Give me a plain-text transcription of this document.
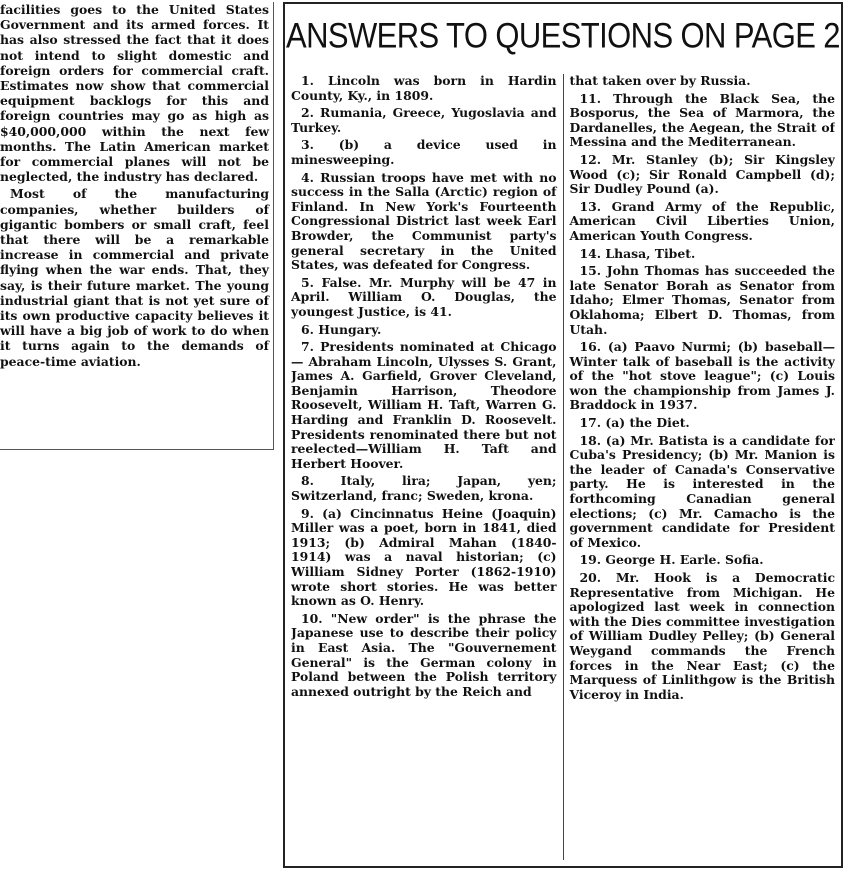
facilities goes to the United States Government and its armed forces. It has also stressed the fact that it does not intend to slight domestic and foreign orders for commercial craft. Estimates now show that commercial equipment backlogs for this and foreign countries may go as high as $40,000,000 within the next few months. The Latin American market for commercial planes will not be neglected, the industry has declared.

Most of the manufacturing companies, whether builders of gigantic bombers or small craft, feel that there will be a remarkable increase in commercial and private flying when the war ends. That, they say, is their future market. The young industrial giant that is not yet sure of its own productive capacity believes it will have a big job of work to do when it turns again to the demands of peace-time aviation.

ANSWERS TO QUESTIONS ON PAGE 2

1. Lincoln was born in Hardin County, Ky., in 1809.

2. Rumania, Greece, Yugoslavia and Turkey.

3. (b) a device used in minesweeping.

4. Russian troops have met with no success in the Salla (Arctic) region of Finland. In New York's Fourteenth Congressional District last week Earl Browder, the Communist party's general secretary in the United States, was defeated for Congress.

5. False. Mr. Murphy will be 47 in April. William O. Douglas, the youngest Justice, is 41.

6. Hungary.

7. Presidents nominated at Chicago — Abraham Lincoln, Ulysses S. Grant, James A. Garfield, Grover Cleveland, Benjamin Harrison, Theodore Roosevelt, William H. Taft, Warren G. Harding and Franklin D. Roosevelt. Presidents renominated there but not reelected—William H. Taft and Herbert Hoover.

8. Italy, lira; Japan, yen; Switzerland, franc; Sweden, krona.

9. (a) Cincinnatus Heine (Joaquin) Miller was a poet, born in 1841, died 1913; (b) Admiral Mahan (1840-1914) was a naval historian; (c) William Sidney Porter (1862-1910) wrote short stories. He was better known as O. Henry.

10. "New order" is the phrase the Japanese use to describe their policy in East Asia. The "Gouvernement General" is the German colony in Poland between the Polish territory annexed outright by the Reich and

that taken over by Russia.

11. Through the Black Sea, the Bosporus, the Sea of Marmora, the Dardanelles, the Aegean, the Strait of Messina and the Mediterranean.

12. Mr. Stanley (b); Sir Kingsley Wood (c); Sir Ronald Campbell (d); Sir Dudley Pound (a).

13. Grand Army of the Republic, American Civil Liberties Union, American Youth Congress.

14. Lhasa, Tibet.

15. John Thomas has succeeded the late Senator Borah as Senator from Idaho; Elmer Thomas, Senator from Oklahoma; Elbert D. Thomas, from Utah.

16. (a) Paavo Nurmi; (b) baseball—Winter talk of baseball is the activity of the "hot stove league"; (c) Louis won the championship from James J. Braddock in 1937.

17. (a) the Diet.

18. (a) Mr. Batista is a candidate for Cuba's Presidency; (b) Mr. Manion is the leader of Canada's Conservative party. He is interested in the forthcoming Canadian general elections; (c) Mr. Camacho is the government candidate for President of Mexico.

19. George H. Earle. Sofia.

20. Mr. Hook is a Democratic Representative from Michigan. He apologized last week in connection with the Dies committee investigation of William Dudley Pelley; (b) General Weygand commands the French forces in the Near East; (c) the Marquess of Linlithgow is the British Viceroy in India.
